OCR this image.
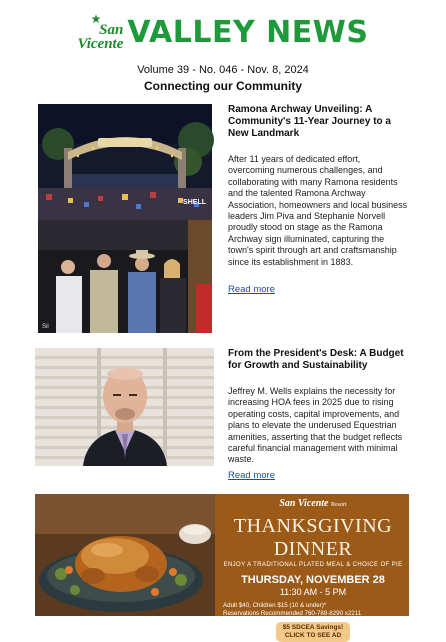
★
San
Vicente VALLEY NEWS
Volume 39 - No. 046 - Nov. 8, 2024
Connecting our Community
Sil
SHELL
Ramona Archway Unveiling: A Community's 11-Year Journey to a New Landmark
After 11 years of dedicated effort, overcoming numerous challenges, and collaborating with many Ramona residents and the talented Ramona Archway Association, homeowners and local business leaders Jim Piva and Stephanie Norvell proudly stood on stage as the Ramona Archway sign illuminated, capturing the town's spirit through art and craftsmanship since its establishment in 1883.
Read more
From the President's Desk: A Budget for Growth and Sustainability
Jeffrey M. Wells explains the necessity for increasing HOA fees in 2025 due to rising operating costs, capital improvements, and plans to elevate the underused Equestrian amenities, asserting that the budget reflects careful financial management with minimal waste.
Read more
San Vicente Resort
THANKSGIVING DINNER
ENJOY A TRADITIONAL PLATED MEAL & CHOICE OF PIE
THURSDAY, NOVEMBER 28
11:30 AM - 5 PM
Adult $40, Children $15 (10 & under)*
Reservations Recommended 760-789-8290 x2211
$5 SDCEA Savings!
CLICK TO SEE AD
